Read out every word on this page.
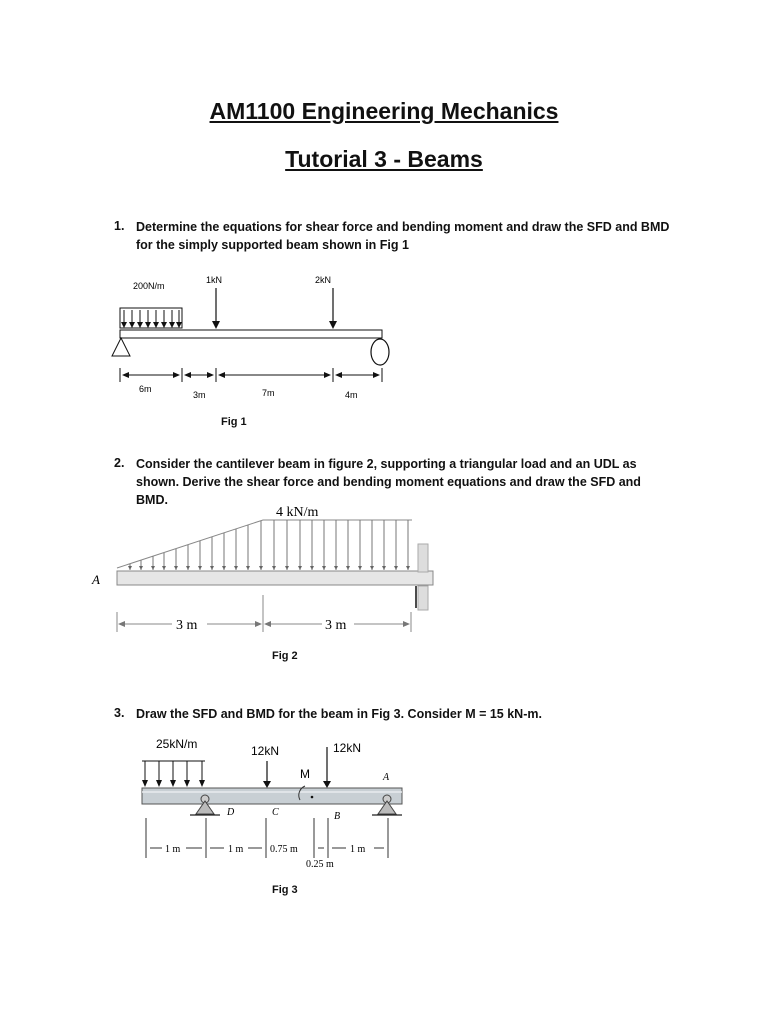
AM1100 Engineering Mechanics
Tutorial 3 - Beams
1. Determine the equations for shear force and bending moment and draw the SFD and BMD for the simply supported beam shown in Fig 1
200N/m
1kN	2kN
6m
3m	7m	4m
Fig 1
2. Consider the cantilever beam in figure 2, supporting a triangular load and an UDL as shown. Derive the shear force and bending moment equations and draw the SFD and BMD.
4 kN/m
A
3 m	3 m
Fig 2
3. Draw the SFD and BMD for the beam in Fig 3. Consider M = 15 kN-m.
25kN/m	12kN	12kN
M	A
B
C
D
1 m	1 m	0.75 m
0.25 m
1 m
Fig 3
